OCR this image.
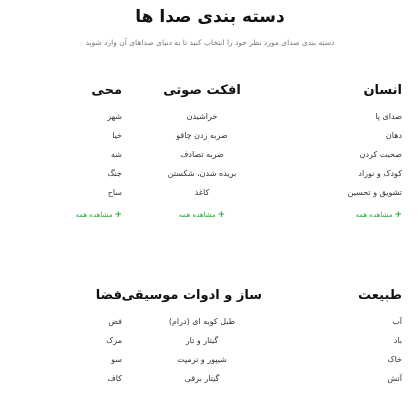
دسته بندی صدا ها
دسته بندی صدای مورد نظر خود را انتخاب کنید تا به دنیای صداهای آن وارد شوید
انسان
صدای پا
دهان
صحبت کردن
کودک و نوزاد
تشویق و تحسین
+مشاهده همه
طبیعت
آب
باد
خاک
آتش
افکت صوتی
خراشیدن
ضربه زدن چاقو
ضربه تصادف
بریده شدن، شکستن
کاغذ
+مشاهده همه
ساز و ادوات موسیقی
طبل کوبه ای (درام)
گیتار و تار
شیپور و ترمپت
گیتار برقی
محی
شهر
خیا
شه
جنگ
ساح
+مشاهده همه
فضا
فض
مرک
سو
کاف
